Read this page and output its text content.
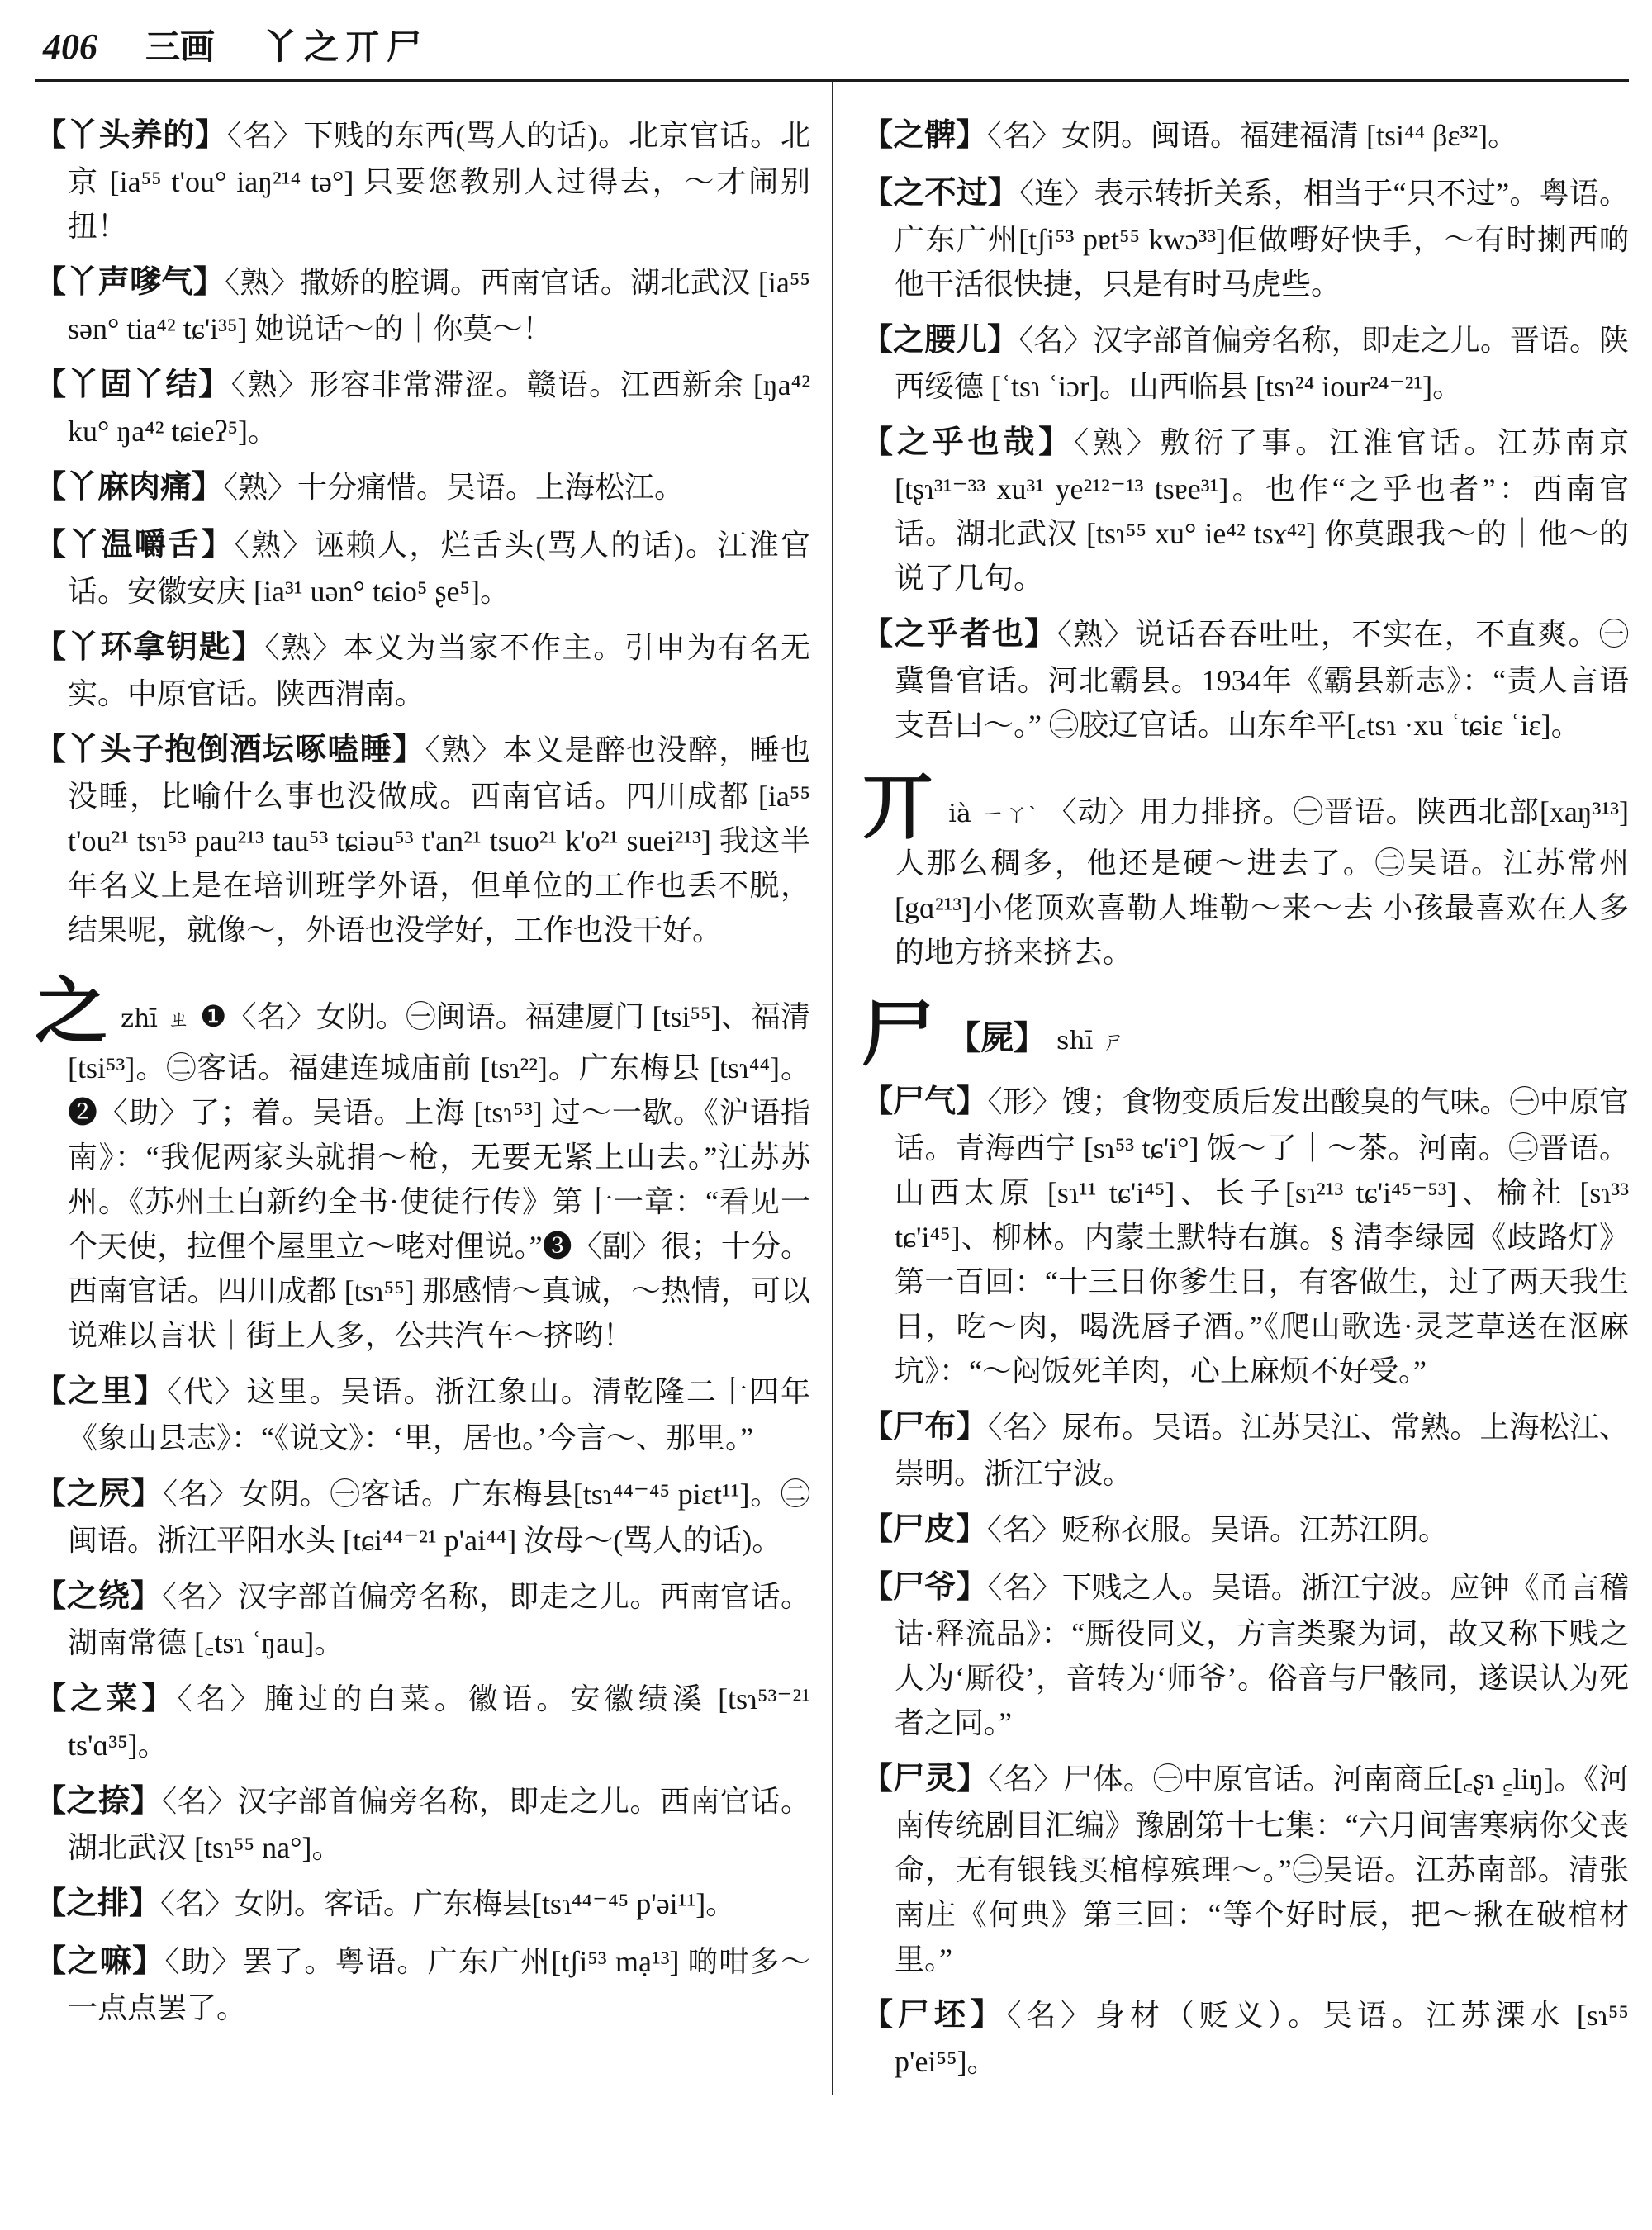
406 三画 丫之丌尸

【丫头养的】〈名〉下贱的东西(骂人的话)。北京官话。北京 [ia⁵⁵ t'ou° iaŋ²¹⁴ tə°] 只要您教别人过得去，～才闹别扭！

【丫声嗲气】〈熟〉撒娇的腔调。西南官话。湖北武汉 [ia⁵⁵ sən° tia⁴² tɕ'i³⁵] 她说话～的｜你莫～！

【丫固丫结】〈熟〉形容非常滞涩。赣语。江西新余 [ŋa⁴² ku° ŋa⁴² tɕieʔ⁵]。

【丫麻肉痛】〈熟〉十分痛惜。吴语。上海松江。

【丫温嚼舌】〈熟〉诬赖人，烂舌头(骂人的话)。江淮官话。安徽安庆 [ia³¹ uən° tɕio⁵ ʂe⁵]。

【丫环拿钥匙】〈熟〉本义为当家不作主。引申为有名无实。中原官话。陕西渭南。

【丫头子抱倒酒坛啄嗑睡】〈熟〉本义是醉也没醉，睡也没睡，比喻什么事也没做成。西南官话。四川成都 [ia⁵⁵ t'ou²¹ tsɿ⁵³ pau²¹³ tau⁵³ tɕiəu⁵³ t'an²¹ tsuo²¹ k'o²¹ suei²¹³] 我这半年名义上是在培训班学外语，但单位的工作也丢不脱，结果呢，就像～，外语也没学好，工作也没干好。

之zhī ㄓ ❶〈名〉女阴。㊀闽语。福建厦门 [tsi⁵⁵]、福清 [tsi⁵³]。㊁客话。福建连城庙前 [tsɿ²²]。广东梅县 [tsɿ⁴⁴]。❷〈助〉了；着。吴语。上海 [tsɿ⁵³] 过～一歇。《沪语指南》：“我伲两家头就捐～枪，无要无紧上山去。”江苏苏州。《苏州土白新约全书·使徒行传》第十一章：“看见一个天使，拉俚个屋里立～咾对俚说。”❸〈副〉很；十分。西南官话。四川成都 [tsɿ⁵⁵] 那感情～真诚，～热情，可以说难以言状｜街上人多，公共汽车～挤哟！

【之里】〈代〉这里。吴语。浙江象山。清乾隆二十四年《象山县志》：“《说文》：‘里，居也。’今言～、那里。”

【之屄】〈名〉女阴。㊀客话。广东梅县[tsɿ⁴⁴⁻⁴⁵ piɛt¹¹]。㊁闽语。浙江平阳水头 [tɕi⁴⁴⁻²¹ p'ai⁴⁴] 汝母～(骂人的话)。

【之绕】〈名〉汉字部首偏旁名称，即走之儿。西南官话。湖南常德 [꜀tsɿ ʿŋau]。

【之菜】〈名〉腌过的白菜。徽语。安徽绩溪 [tsɿ⁵³⁻²¹ ts'ɑ³⁵]。

【之捺】〈名〉汉字部首偏旁名称，即走之儿。西南官话。湖北武汉 [tsɿ⁵⁵ na°]。

【之排】〈名〉女阴。客话。广东梅县[tsɿ⁴⁴⁻⁴⁵ p'əi¹¹]。

【之嘛】〈助〉罢了。粤语。广东广州[tʃi⁵³ mạ¹³] 啲咁多～ 一点点罢了。

【之髀】〈名〉女阴。闽语。福建福清 [tsi⁴⁴ βɛ³²]。

【之不过】〈连〉表示转折关系，相当于“只不过”。粤语。广东广州[tʃi⁵³ pɐt⁵⁵ kwɔ³³]佢做嘢好快手，～有时揦西啲 他干活很快捷，只是有时马虎些。

【之腰儿】〈名〉汉字部首偏旁名称，即走之儿。晋语。陕西绥德 [ʿtsɿ ʿiɔr]。山西临县 [tsɿ²⁴ iour²⁴⁻²¹]。

【之乎也哉】〈熟〉敷衍了事。江淮官话。江苏南京 [tʂɿ³¹⁻³³ xu³¹ ye²¹²⁻¹³ tsɐe³¹]。也作“之乎也者”：西南官话。湖北武汉 [tsɿ⁵⁵ xu° ie⁴² tsɤ⁴²] 你莫跟我～的｜他～的说了几句。

【之乎者也】〈熟〉说话吞吞吐吐，不实在，不直爽。㊀冀鲁官话。河北霸县。1934年《霸县新志》：“责人言语支吾曰～。” ㊁胶辽官话。山东牟平[꜀tsɿ ·xu ʿtɕiɛ ʿiɛ]。

丌ià ㄧㄚˋ 〈动〉用力排挤。㊀晋语。陕西北部[xaŋ³¹³]人那么稠多，他还是硬～进去了。㊁吴语。江苏常州[gɑ²¹³]小佬顶欢喜勒人堆勒～来～去 小孩最喜欢在人多的地方挤来挤去。

尸 【屍】 shī ㄕ

【尸气】〈形〉馊；食物变质后发出酸臭的气味。㊀中原官话。青海西宁 [sɿ⁵³ tɕ'i°] 饭～了｜～茶。河南。㊁晋语。山西太原 [sɿ¹¹ tɕ'i⁴⁵]、长子[sɿ²¹³ tɕ'i⁴⁵⁻⁵³]、榆社 [sɿ³³ tɕ'i⁴⁵]、柳林。内蒙土默特右旗。§ 清李绿园《歧路灯》第一百回：“十三日你爹生日，有客做生，过了两天我生日，吃～肉，喝洗唇子酒。”《爬山歌选·灵芝草送在沤麻坑》：“～闷饭死羊肉，心上麻烦不好受。”

【尸布】〈名〉尿布。吴语。江苏吴江、常熟。上海松江、崇明。浙江宁波。

【尸皮】〈名〉贬称衣服。吴语。江苏江阴。

【尸爷】〈名〉下贱之人。吴语。浙江宁波。应钟《甬言稽诂·释流品》：“厮役同义，方言类聚为词，故又称下贱之人为‘厮役’，音转为‘师爷’。俗音与尸骸同，遂误认为死者之同。”

【尸灵】〈名〉尸体。㊀中原官话。河南商丘[꜀ʂɿ ꜁liŋ]。《河南传统剧目汇编》豫剧第十七集：“六月间害寒病你父丧命，无有银钱买棺椁殡理～。”㊁吴语。江苏南部。清张南庄《何典》第三回：“等个好时辰，把～揪在破棺材里。”

【尸坯】〈名〉身材（贬义）。吴语。江苏溧水 [sɿ⁵⁵ p'ei⁵⁵]。
